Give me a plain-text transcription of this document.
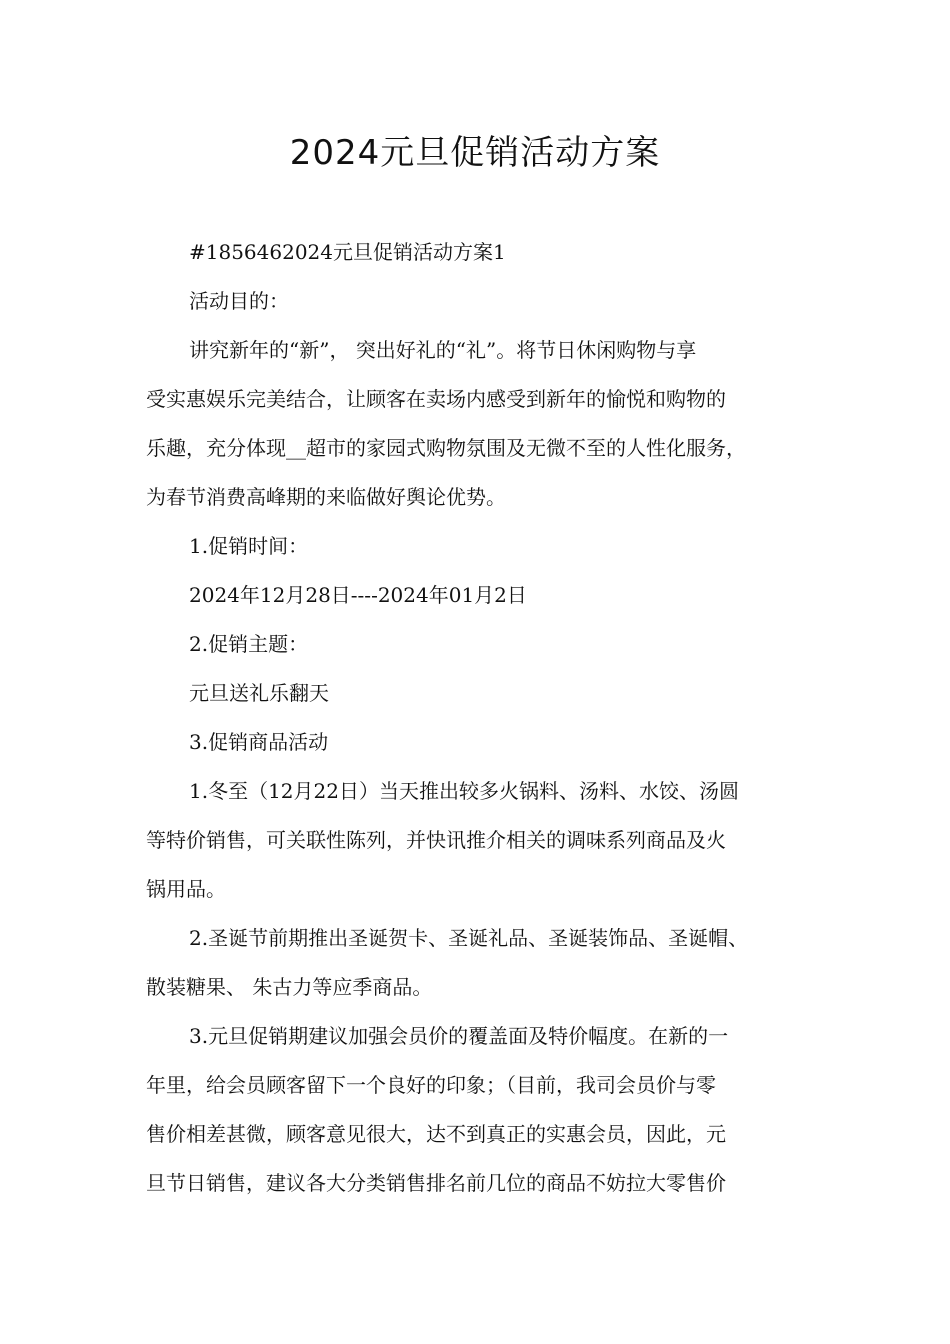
2024元旦促销活动方案
#1856462024元旦促销活动方案1
活动目的：
讲究新年的“新”， 突出好礼的“礼”。将节日休闲购物与享
受实惠娱乐完美结合，让顾客在卖场内感受到新年的愉悦和购物的
乐趣，充分体现__超市的家园式购物氛围及无微不至的人性化服务，
为春节消费高峰期的来临做好舆论优势。
1.促销时间：
2024年12月28日----2024年01月2日
2.促销主题：
元旦送礼乐翻天
3.促销商品活动
1.冬至（12月22日）当天推出较多火锅料、汤料、水饺、汤圆
等特价销售，可关联性陈列，并快讯推介相关的调味系列商品及火
锅用品。
2.圣诞节前期推出圣诞贺卡、圣诞礼品、圣诞装饰品、圣诞帽、
散装糖果、 朱古力等应季商品。
3.元旦促销期建议加强会员价的覆盖面及特价幅度。在新的一
年里，给会员顾客留下一个良好的印象；（目前，我司会员价与零
售价相差甚微，顾客意见很大，达不到真正的实惠会员，因此，元
旦节日销售，建议各大分类销售排名前几位的商品不妨拉大零售价
